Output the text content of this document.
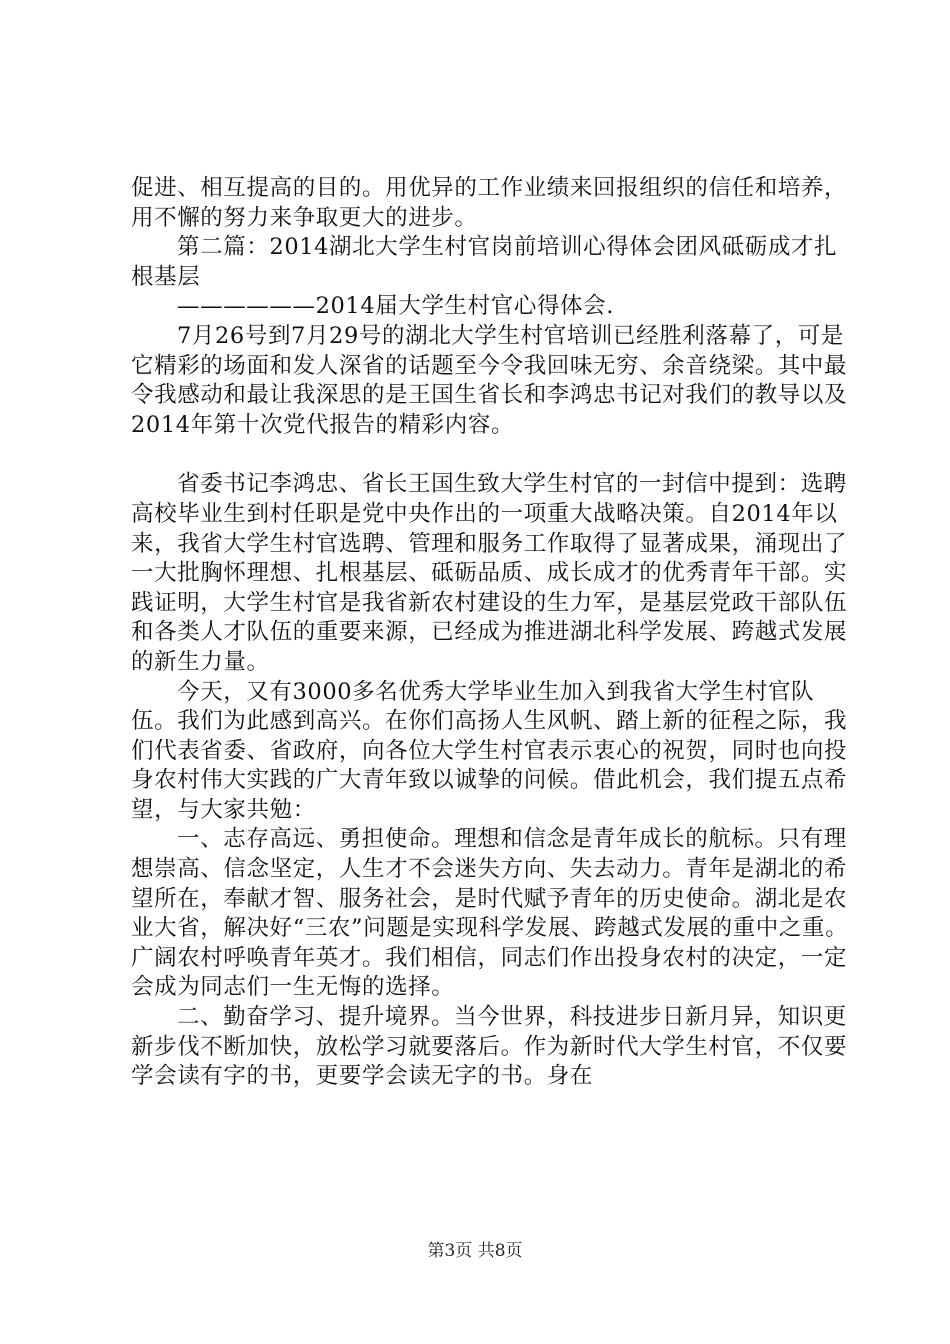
促进、相互提高的目的。用优异的工作业绩来回报组织的信任和培养，用不懈的努力来争取更大的进步。

第二篇：2014湖北大学生村官岗前培训心得体会团风砥砺成才扎根基层

——————2014届大学生村官心得体会.

7月26号到7月29号的湖北大学生村官培训已经胜利落幕了，可是它精彩的场面和发人深省的话题至今令我回味无穷、余音绕梁。其中最令我感动和最让我深思的是王国生省长和李鸿忠书记对我们的教导以及2014年第十次党代报告的精彩内容。

省委书记李鸿忠、省长王国生致大学生村官的一封信中提到：选聘高校毕业生到村任职是党中央作出的一项重大战略决策。自2014年以来，我省大学生村官选聘、管理和服务工作取得了显著成果，涌现出了一大批胸怀理想、扎根基层、砥砺品质、成长成才的优秀青年干部。实践证明，大学生村官是我省新农村建设的生力军，是基层党政干部队伍和各类人才队伍的重要来源，已经成为推进湖北科学发展、跨越式发展的新生力量。

今天，又有3000多名优秀大学毕业生加入到我省大学生村官队伍。我们为此感到高兴。在你们高扬人生风帆、踏上新的征程之际，我们代表省委、省政府，向各位大学生村官表示衷心的祝贺，同时也向投身农村伟大实践的广大青年致以诚挚的问候。借此机会，我们提五点希望，与大家共勉：

一、志存高远、勇担使命。理想和信念是青年成长的航标。只有理想崇高、信念坚定，人生才不会迷失方向、失去动力。青年是湖北的希望所在，奉献才智、服务社会，是时代赋予青年的历史使命。湖北是农业大省，解决好“三农”问题是实现科学发展、跨越式发展的重中之重。广阔农村呼唤青年英才。我们相信，同志们作出投身农村的决定，一定会成为同志们一生无悔的选择。

二、勤奋学习、提升境界。当今世界，科技进步日新月异，知识更新步伐不断加快，放松学习就要落后。作为新时代大学生村官，不仅要学会读有字的书，更要学会读无字的书。身在

第3页 共8页
